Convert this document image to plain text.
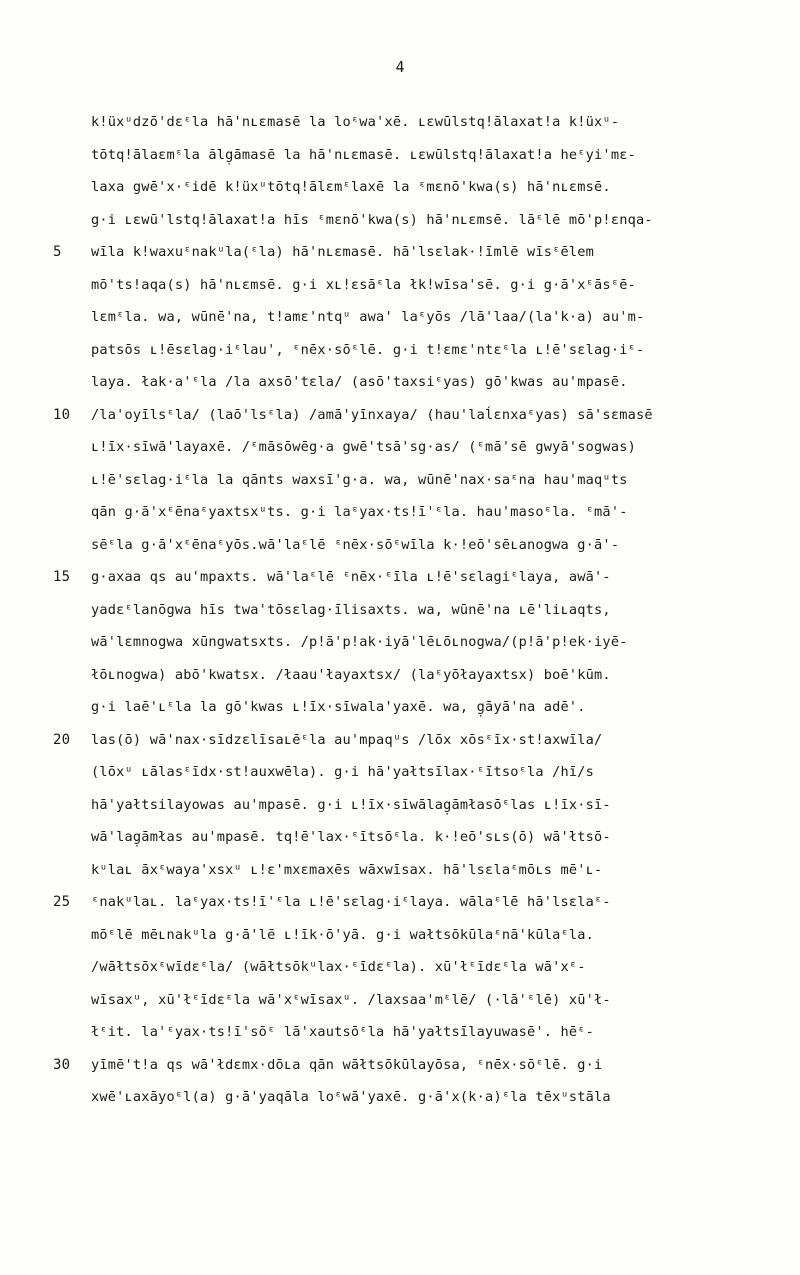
4
kǃüxᵘdzō'dɛᵋla hā'nʟɛmasē la loᵋwa'xē. ʟɛwūlstqǃālaxatǃa kǃüxᵘ-
tōtqǃālaɛmᵋla ālg̣āmasē la hā'nʟɛmasē. ʟɛwūlstqǃālaxatǃa heᵋyi'mɛ-
laxa gwē'x·ᵋidē kǃüxᵘtōtqǃālɛmᵋlaxē la ᵋmɛnō'kwa(s) hā'nʟɛmsē.
g·i ʟɛwū'lstqǃālaxatǃa hīs ᵋmɛnō'kwa(s) hā'nʟɛmsē. lāᵋlē mō'pǃɛnqa-
5	wīla kǃwaxuᵋnakᵘla(ᵋla) hā'nʟɛmasē. hā'lsɛlak·ǃīmlē wīsᵋēlem
mō'tsǃaqa(s) hā'nʟɛmsē. g·i xʟǃɛsāᵋla łkǃwīsa'sē. g·i g·ā'xᵋāsᵋē-
lɛmᵋla. wa, wūnē'na, tǃamɛ'ntqᵘ awa' laᵋyōs /lā'laa/(la'k·a) au'm-
patsōs ʟǃēsɛlag·iᵋlau', ᵋnēx·sōᵋlē. g·i tǃɛmɛ'ntɛᵋla ʟǃē'sɛlag·iᵋ-
laya. łak·a'ᵋla /la axsō'tɛla/ (asō'taxsiᵋyas) gō'kwas au'mpasē.
10	/la'oyīlsᵋla/ (laō'lsᵋla) /amā'yīnxaya/ (hau'laĺɛnxaᵋyas) sā'sɛmasē
ʟǃīx·sīwā'layaxē. /ᵋmāsōwēg·a gwē'tsā'sg·as/ (ᵋmā'sē gwyā'sogwas)
ʟǃē'sɛlag·iᵋla la qānts waxsī'g·a. wa, wūnē'nax·saᵋna hau'maqᵘts
qān g·ā'xᵋēnaᵋyaxtsxᵘts. g·i laᵋyax·tsǃī'ᵋla. hau'masoᵋla. ᵋmā'-
sēᵋla g·ā'xᵋēnaᵋyōs.wā'laᵋlē ᵋnēx·sōᵋwīla k·ǃeō'sēʟanogwa g·ā'-
15	g·axaa qs au'mpaxts. wā'laᵋlē ᵋnēx·ᵋīla ʟǃē'sɛlagiᵋlaya, awā'-
yadɛᵋlanōgwa hīs twa'tōsɛlag·īlisaxts. wa, wūnē'na ʟē'liʟaqts,
wā'lɛmnogwa xūngwatsxts. /pǃā'pǃak·iyā'lēʟōʟnogwa/(pǃā'pǃek·iyē-
łōʟnogwa) abō'kwatsx. /łaau'łayaxtsx/ (laᵋyōłayaxtsx) boē'kūm.
g·i laē'ʟᵋla la gō'kwas ʟǃīx·sīwala'yaxē. wa, g̣āyā'na adē'.
20	las(ō) wā'nax·sīdzɛlīsaʟēᵋla au'mpaqᵘs /lōx xōsᵋīx·stǃaxwīla/
(lōxᵘ ʟālasᵋīdx·stǃauxwēla). g·i hā'yałtsīlax·ᵋītsoᵋla /hī/s
hā'yałtsilayowas au'mpasē. g·i ʟǃīx·sīwālag̣āmłasōᵋlas ʟǃīx·sī-
wā'lag̣āmłas au'mpasē. tqǃē'lax·ᵋītsōᵋla. k·ǃeō'sʟs(ō) wā'łtsō-
kᵘlaʟ āxᵋwaya'xsxᵘ ʟǃɛ'mxɛmaxēs wāxwīsax. hā'lsɛlaᵋmōʟs mē'ʟ-
25	ᵋnakᵘlaʟ. laᵋyax·tsǃī'ᵋla ʟǃē'sɛlag·iᵋlaya. wālaᵋlē hā'lsɛlaᵋ-
mōᵋlē mēʟnakᵘla g·ā'lē ʟǃīk·ō'yā. g·i wałtsōkūlaᵋnā'kūlaᵋla.
/wāłtsōxᵋwīdɛᵋla/ (wāłtsōkᵘlax·ᵋīdɛᵋla). xū'łᵋīdɛᵋla wā'xᵋ-
wīsaxᵘ, xū'łᵋīdɛᵋla wā'xᵋwīsaxᵘ. /laxsaa'mᵋlē/ (·lā'ᵋlē) xū'ł-
łᵋit. la'ᵋyax·tsǃī'sōᵋ lā'xautsōᵋla hā'yałtsīlayuwasē'. hēᵋ-
30	yīmē'tǃa qs wā'łdɛmx·dōʟa qān wāłtsōkūlayōsa, ᵋnēx·sōᵋlē. g·i
xwē'ʟaxāyoᵋl(a) g·ā'yaqāla loᵋwā'yaxē. g·ā'x(k·a)ᵋla tēxᵘstāla
